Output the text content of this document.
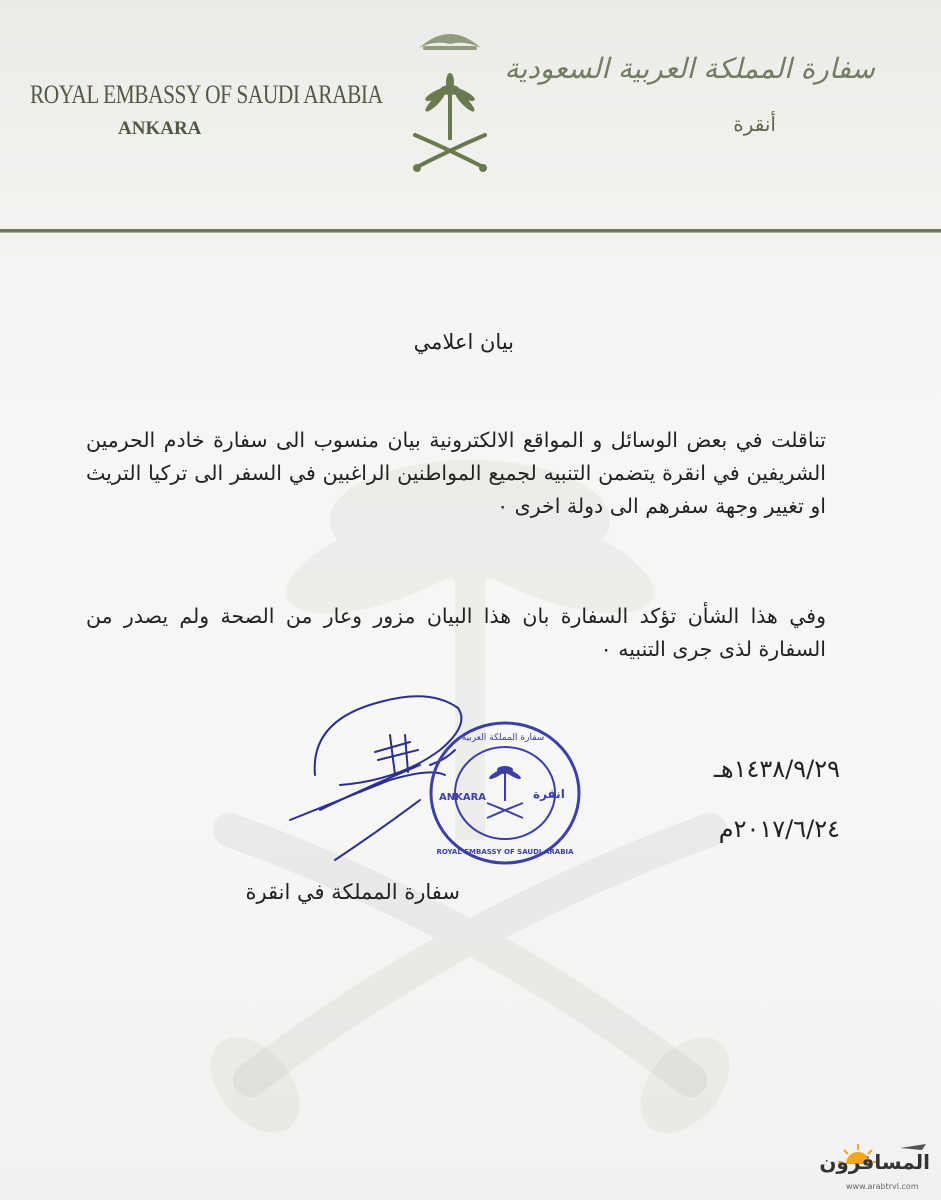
ROYAL EMBASSY OF SAUDI ARABIA
ANKARA
سفارة المملكة العربية السعودية
أنقرة
بيان اعلامي
تناقلت في بعض الوسائل و المواقع الالكترونية بيان منسوب الى سفارة خادم الحرمين الشريفين في انقرة يتضمن التنبيه لجميع المواطنين الراغبين في السفر الى تركيا التريث او تغيير وجهة سفرهم الى دولة اخرى ٠
وفي هذا الشأن تؤكد السفارة بان هذا البيان مزور وعار من الصحة ولم يصدر من السفارة لذى جرى التنبيه ٠
ANKARA	انقرة
سفارة المملكة العربية
ROYAL EMBASSY OF SAUDI ARABIA
١٤٣٨/٩/٢٩هـ
٢٠١٧/٦/٢٤م
سفارة المملكة في انقرة
المسافرون
www.arabtrvl.com
